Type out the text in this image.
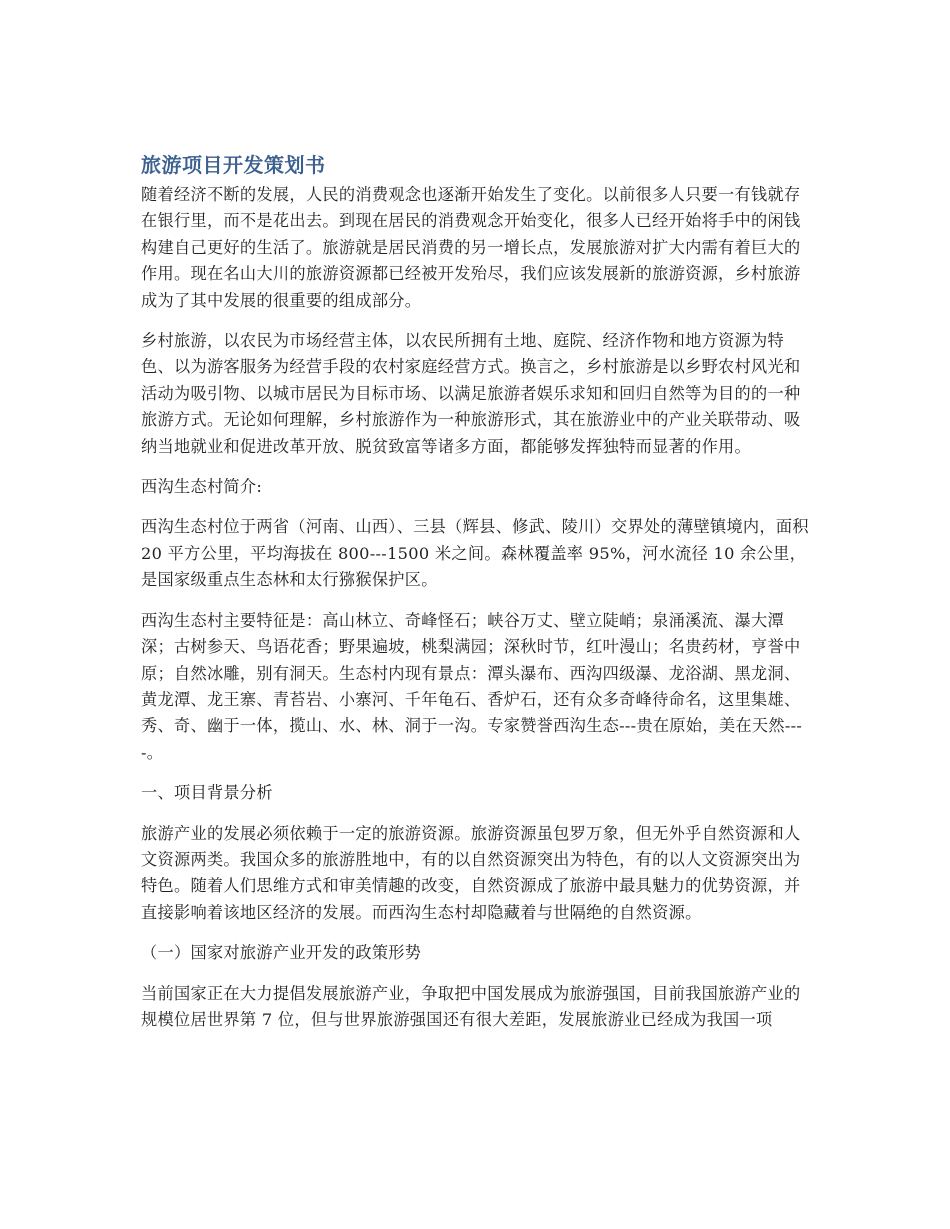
旅游项目开发策划书

随着经济不断的发展，人民的消费观念也逐渐开始发生了变化。以前很多人只要一有钱就存在银行里，而不是花出去。到现在居民的消费观念开始变化，很多人已经开始将手中的闲钱构建自己更好的生活了。旅游就是居民消费的另一增长点，发展旅游对扩大内需有着巨大的作用。现在名山大川的旅游资源都已经被开发殆尽，我们应该发展新的旅游资源，乡村旅游成为了其中发展的很重要的组成部分。

乡村旅游，以农民为市场经营主体，以农民所拥有土地、庭院、经济作物和地方资源为特色、以为游客服务为经营手段的农村家庭经营方式。换言之，乡村旅游是以乡野农村风光和活动为吸引物、以城市居民为目标市场、以满足旅游者娱乐求知和回归自然等为目的的一种旅游方式。无论如何理解，乡村旅游作为一种旅游形式，其在旅游业中的产业关联带动、吸纳当地就业和促进改革开放、脱贫致富等诸多方面，都能够发挥独特而显著的作用。

西沟生态村简介:

西沟生态村位于两省（河南、山西）、三县（辉县、修武、陵川）交界处的薄壁镇境内，面积 20 平方公里，平均海拔在 800---1500 米之间。森林覆盖率 95%，河水流径 10 余公里，是国家级重点生态林和太行猕猴保护区。

西沟生态村主要特征是：高山林立、奇峰怪石；峡谷万丈、壁立陡峭；泉涌溪流、瀑大潭深；古树参天、鸟语花香；野果遍坡，桃梨满园；深秋时节，红叶漫山；名贵药材，亨誉中原；自然冰雕，别有洞天。生态村内现有景点：潭头瀑布、西沟四级瀑、龙浴湖、黑龙洞、黄龙潭、龙王寨、青苔岩、小寨河、千年龟石、香炉石，还有众多奇峰待命名，这里集雄、秀、奇、幽于一体，揽山、水、林、洞于一沟。专家赞誉西沟生态---贵在原始，美在天然----。

一、项目背景分析

旅游产业的发展必须依赖于一定的旅游资源。旅游资源虽包罗万象，但无外乎自然资源和人文资源两类。我国众多的旅游胜地中，有的以自然资源突出为特色，有的以人文资源突出为特色。随着人们思维方式和审美情趣的改变，自然资源成了旅游中最具魅力的优势资源，并直接影响着该地区经济的发展。而西沟生态村却隐藏着与世隔绝的自然资源。

（一）国家对旅游产业开发的政策形势

当前国家正在大力提倡发展旅游产业，争取把中国发展成为旅游强国，目前我国旅游产业的规模位居世界第 7 位，但与世界旅游强国还有很大差距，发展旅游业已经成为我国一项
